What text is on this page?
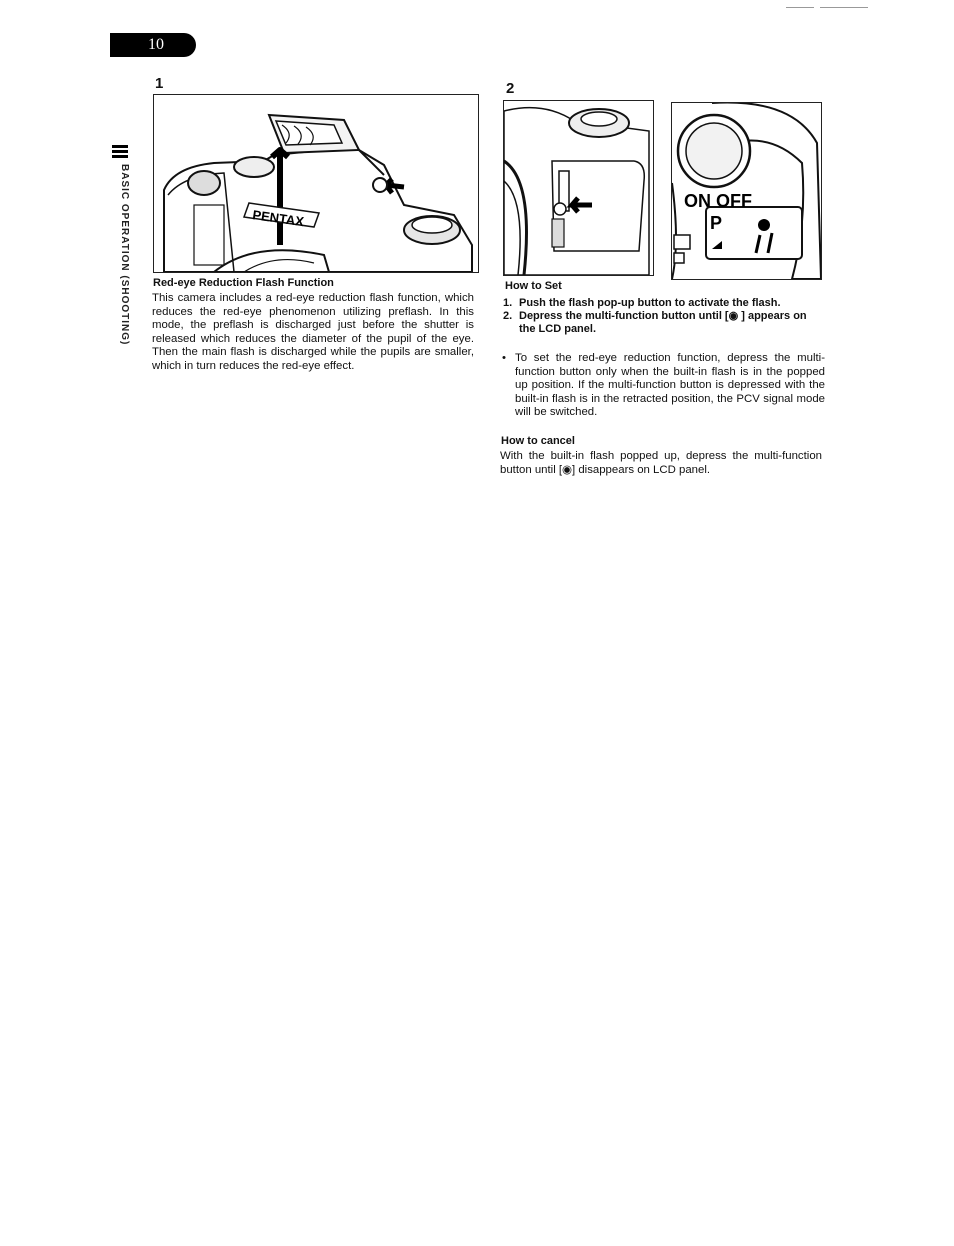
10
BASIC OPERATION (SHOOTING)
1
PENTAX
2
ON OFF
P
Red-eye Reduction Flash Function

This camera includes a red-eye reduction flash function, which reduces the red-eye phenomenon utilizing preflash. In this mode, the preflash is discharged just before the shutter is released which reduces the diameter of the pupil of the eye. Then the main flash is discharged while the pupils are smaller, which in turn reduces the red-eye effect.

How to Set
1. Push the flash pop-up button to activate the flash.
2. Depress the multi-function button until [◉ ] appears on the LCD panel.

• To set the red-eye reduction function, depress the multi-function button only when the built-in flash is in the popped up position. If the multi-function button is depressed with the built-in flash is in the retracted position, the PCV signal mode will be switched.

How to cancel

With the built-in flash popped up, depress the multi-function button until [◉] disappears on LCD panel.
